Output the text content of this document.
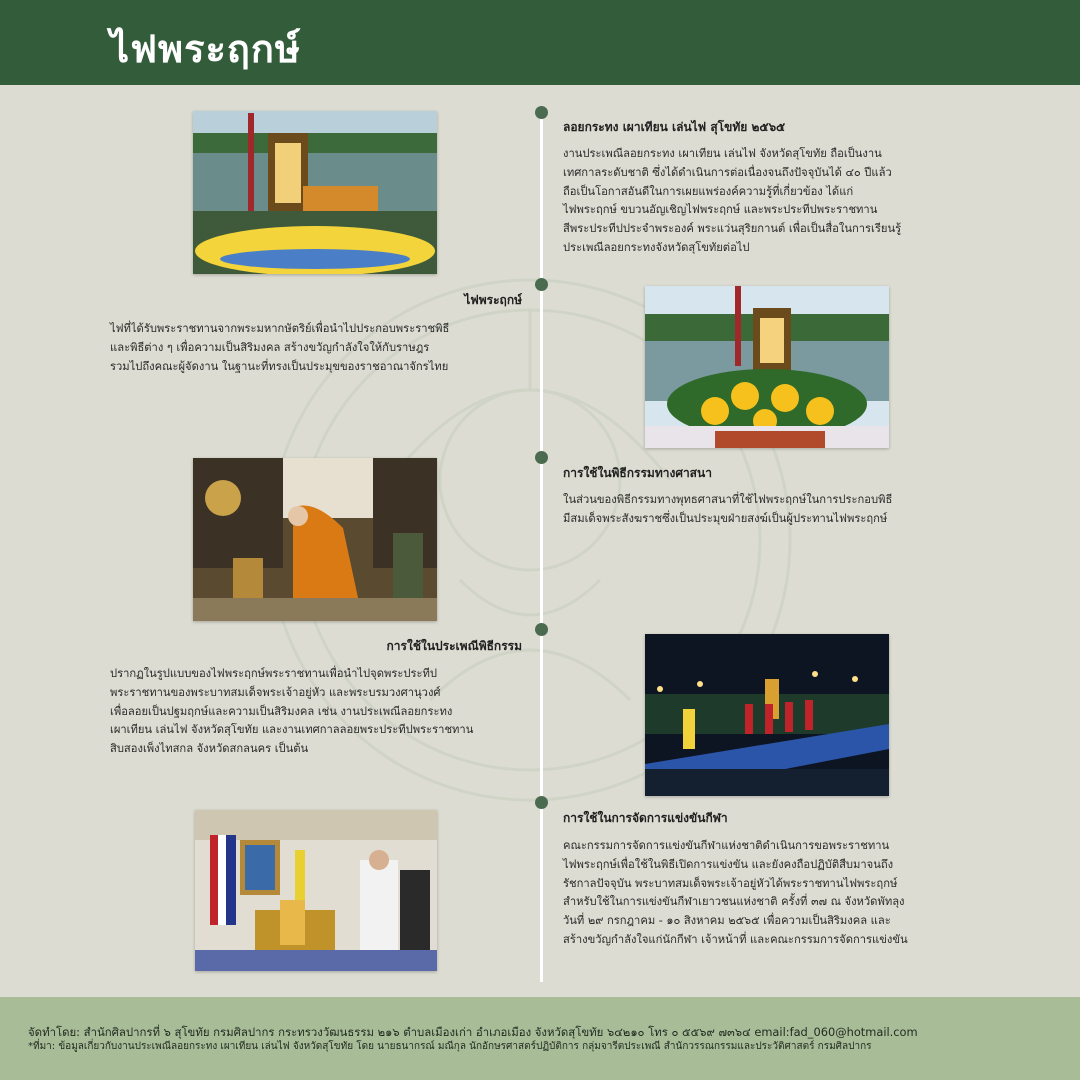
ไฟพระฤกษ์
ลอยกระทง เผาเทียน เล่นไฟ สุโขทัย ๒๕๖๕
งานประเพณีลอยกระทง เผาเทียน เล่นไฟ จังหวัดสุโขทัย ถือเป็นงาน
เทศกาลระดับชาติ ซึ่งได้ดำเนินการต่อเนื่องจนถึงปัจจุบันได้ ๔๐ ปีแล้ว
ถือเป็นโอกาสอันดีในการเผยแพร่องค์ความรู้ที่เกี่ยวข้อง ได้แก่
ไฟพระฤกษ์ ขบวนอัญเชิญไฟพระฤกษ์ และพระประทีปพระราชทาน
สีพระประทีปประจำพระองค์ พระแว่นสุริยกานต์ เพื่อเป็นสื่อในการเรียนรู้
ประเพณีลอยกระทงจังหวัดสุโขทัยต่อไป
ไฟพระฤกษ์
ไฟที่ได้รับพระราชทานจากพระมหากษัตริย์เพื่อนำไปประกอบพระราชพิธี
และพิธีต่าง ๆ เพื่อความเป็นสิริมงคล สร้างขวัญกำลังใจให้กับราษฎร
รวมไปถึงคณะผู้จัดงาน ในฐานะที่ทรงเป็นประมุขของราชอาณาจักรไทย
การใช้ในพิธีกรรมทางศาสนา
ในส่วนของพิธีกรรมทางพุทธศาสนาที่ใช้ไฟพระฤกษ์ในการประกอบพิธี
มีสมเด็จพระสังฆราชซึ่งเป็นประมุขฝ่ายสงฆ์เป็นผู้ประทานไฟพระฤกษ์
การใช้ในประเพณีพิธีกรรม
ปรากฏในรูปแบบของไฟพระฤกษ์พระราชทานเพื่อนำไปจุดพระประทีป
พระราชทานของพระบาทสมเด็จพระเจ้าอยู่หัว และพระบรมวงศานุวงศ์
เพื่อลอยเป็นปฐมฤกษ์และความเป็นสิริมงคล เช่น งานประเพณีลอยกระทง
เผาเทียน เล่นไฟ จังหวัดสุโขทัย และงานเทศกาลลอยพระประทีปพระราชทาน
สิบสองเพ็งไทสกล จังหวัดสกลนคร เป็นต้น
การใช้ในการจัดการแข่งขันกีฬา
คณะกรรมการจัดการแข่งขันกีฬาแห่งชาติดำเนินการขอพระราชทาน
ไฟพระฤกษ์เพื่อใช้ในพิธีเปิดการแข่งขัน และยังคงถือปฏิบัติสืบมาจนถึง
รัชกาลปัจจุบัน พระบาทสมเด็จพระเจ้าอยู่หัวได้พระราชทานไฟพระฤกษ์
สำหรับใช้ในการแข่งขันกีฬาเยาวชนแห่งชาติ ครั้งที่ ๓๗ ณ จังหวัดพัทลุง
วันที่ ๒๙ กรกฎาคม - ๑๐ สิงหาคม ๒๕๖๕ เพื่อความเป็นสิริมงคล และ
สร้างขวัญกำลังใจแก่นักกีฬา เจ้าหน้าที่ และคณะกรรมการจัดการแข่งขัน
จัดทำโดย: สำนักศิลปากรที่ ๖ สุโขทัย กรมศิลปากร กระทรวงวัฒนธรรม ๒๑๖ ตำบลเมืองเก่า อำเภอเมือง จังหวัดสุโขทัย ๖๔๒๑๐ โทร ๐ ๕๕๖๙ ๗๓๖๔ email:fad_060@hotmail.com
*ที่มา: ข้อมูลเกี่ยวกับงานประเพณีลอยกระทง เผาเทียน เล่นไฟ จังหวัดสุโขทัย โดย นายธนากรณ์ มณีกุล นักอักษรศาสตร์ปฏิบัติการ กลุ่มจารีตประเพณี สำนักวรรณกรรมและประวัติศาสตร์ กรมศิลปากร
